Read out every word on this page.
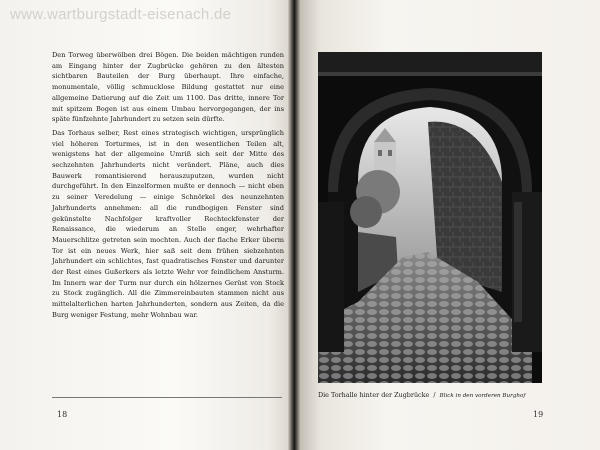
www.wartburgstadt-eisenach.de

Den Torweg überwölben drei Bögen. Die beiden mächtigen runden am Eingang hinter der Zugbrücke gehören zu den ältesten sichtbaren Bauteilen der Burg überhaupt. Ihre einfache, monumentale, völlig schmucklose Bildung gestattet nur eine allgemeine Datierung auf die Zeit um 1100. Das dritte, innere Tor mit spitzem Bogen ist aus einem Umbau hervorgegangen, der ins späte fünfzehnte Jahrhundert zu setzen sein dürfte.

Das Torhaus selber, Rest eines strategisch wichtigen, ursprünglich viel höheren Torturmes, ist in den wesentlichen Teilen alt, wenigstens hat der allgemeine Umriß sich seit der Mitte des sechzehnten Jahrhunderts nicht verändert. Pläne, auch dies Bauwerk romantisierend herauszuputzen, wurden nicht durchgeführt. In den Einzelformen mußte er dennoch — nicht eben zu seiner Veredelung — einige Schnörkel des neunzehnten Jahrhunderts annehmen: all die rundbogigen Fenster sind gekünstelte Nachfolger kraftvoller Rechteckfenster der Renaissance, die wiederum an Stelle enger, wehrhafter Mauerschlitze getreten sein mochten. Auch der flache Erker überm Tor ist ein neues Werk, hier saß seit dem frühen siebzehnten Jahrhundert ein schlichtes, fast quadratisches Fenster und darunter der Rest eines Gußerkers als letzte Wehr vor feindlichem Ansturm. Im Innern war der Turm nur durch ein hölzernes Gerüst von Stock zu Stock zugänglich. All die Zimmereinbauten stammen nicht aus mittelalterlichen harten Jahrhunderten, sondern aus Zeiten, da die Burg weniger Festung, mehr Wohnbau war.

18
Die Torhalle hinter der Zugbrücke / Blick in den vorderen Burghof
19
